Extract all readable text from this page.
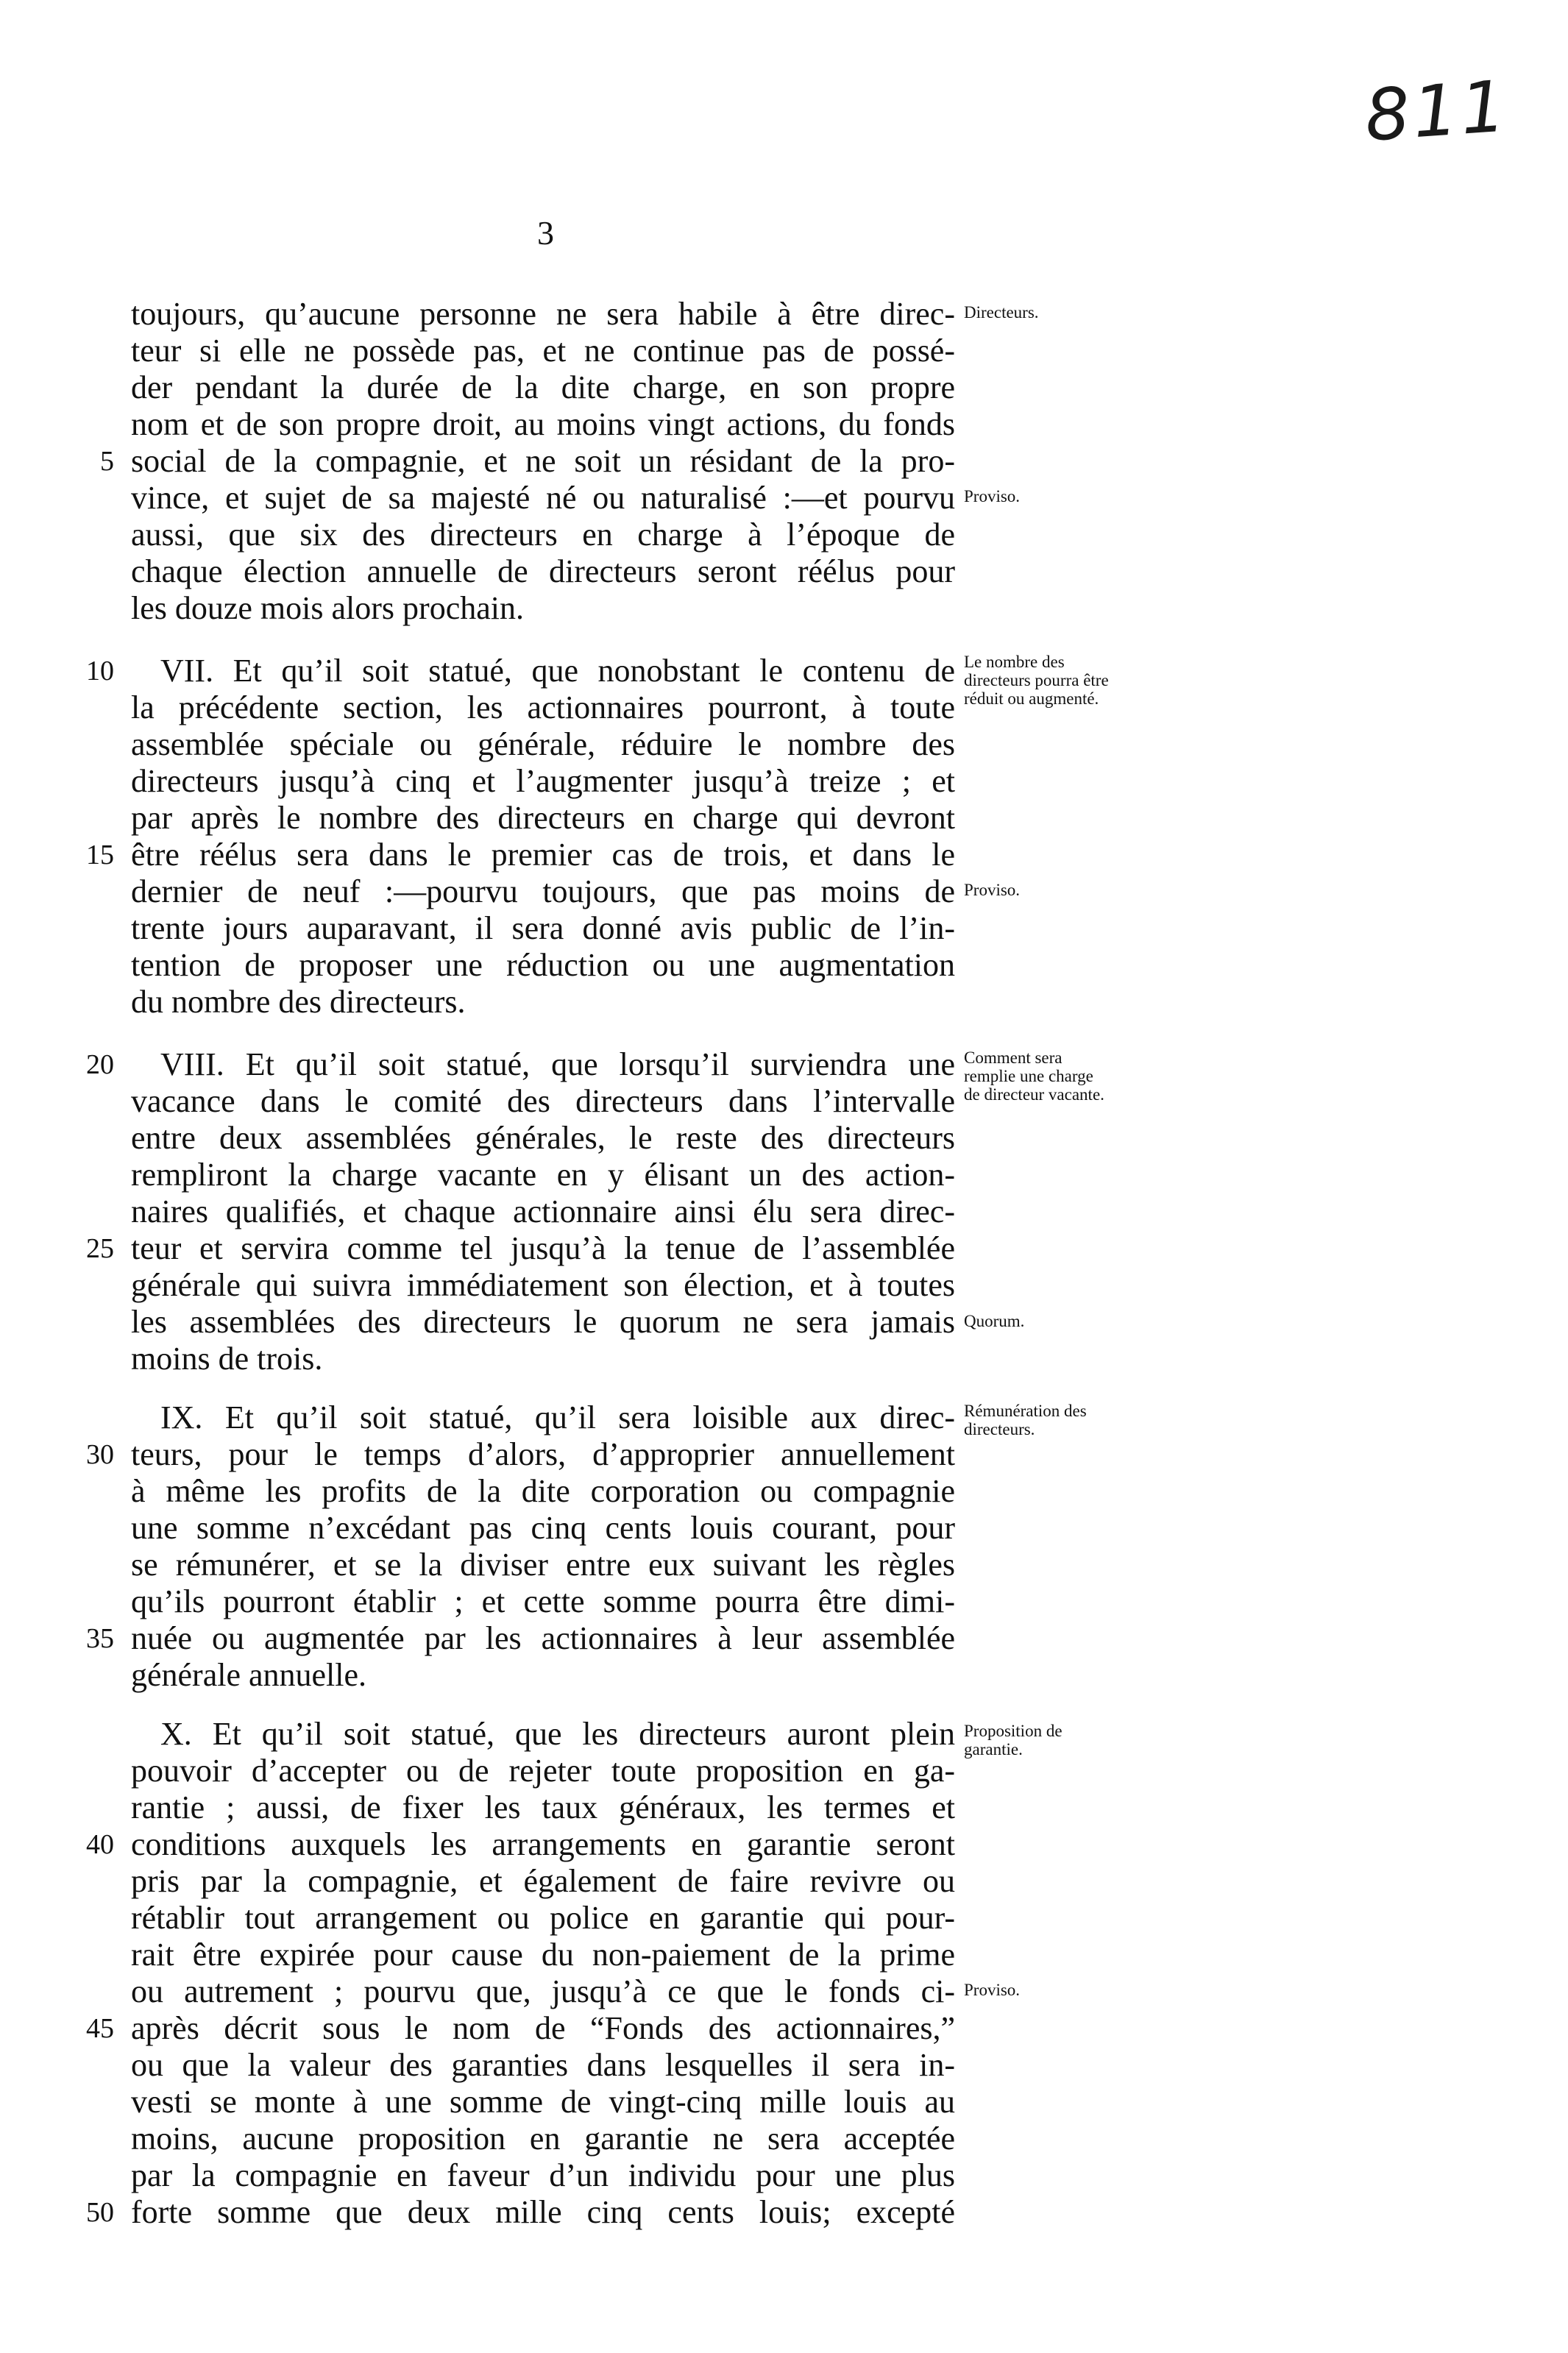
811
3
toujours, qu’aucune personne ne sera habile à être direc-
teur si elle ne possède pas, et ne continue pas de possé-
der pendant la durée de la dite charge, en son propre
nom et de son propre droit, au moins vingt actions, du fonds
social de la compagnie, et ne soit un résidant de la pro-
vince, et sujet de sa majesté né ou naturalisé :—et pourvu
aussi, que six des directeurs en charge à l’époque de
chaque élection annuelle de directeurs seront réélus pour
les douze mois alors prochain.
VII. Et qu’il soit statué, que nonobstant le contenu de
la précédente section, les actionnaires pourront, à toute
assemblée spéciale ou générale, réduire le nombre des
directeurs jusqu’à cinq et l’augmenter jusqu’à treize ; et
par après le nombre des directeurs en charge qui devront
être réélus sera dans le premier cas de trois, et dans le
dernier de neuf :—pourvu toujours, que pas moins de
trente jours auparavant, il sera donné avis public de l’in-
tention de proposer une réduction ou une augmentation
du nombre des directeurs.
VIII. Et qu’il soit statué, que lorsqu’il surviendra une
vacance dans le comité des directeurs dans l’intervalle
entre deux assemblées générales, le reste des directeurs
rempliront la charge vacante en y élisant un des action-
naires qualifiés, et chaque actionnaire ainsi élu sera direc-
teur et servira comme tel jusqu’à la tenue de l’assemblée
générale qui suivra immédiatement son élection, et à toutes
les assemblées des directeurs le quorum ne sera jamais
moins de trois.
IX. Et qu’il soit statué, qu’il sera loisible aux direc-
teurs, pour le temps d’alors, d’approprier annuellement
à même les profits de la dite corporation ou compagnie
une somme n’excédant pas cinq cents louis courant, pour
se rémunérer, et se la diviser entre eux suivant les règles
qu’ils pourront établir ; et cette somme pourra être dimi-
nuée ou augmentée par les actionnaires à leur assemblée
générale annuelle.
X. Et qu’il soit statué, que les directeurs auront plein
pouvoir d’accepter ou de rejeter toute proposition en ga-
rantie ; aussi, de fixer les taux généraux, les termes et
conditions auxquels les arrangements en garantie seront
pris par la compagnie, et également de faire revivre ou
rétablir tout arrangement ou police en garantie qui pour-
rait être expirée pour cause du non-paiement de la prime
ou autrement ; pourvu que, jusqu’à ce que le fonds ci-
après décrit sous le nom de “Fonds des actionnaires,”
ou que la valeur des garanties dans lesquelles il sera in-
vesti se monte à une somme de vingt-cinq mille louis au
moins, aucune proposition en garantie ne sera acceptée
par la compagnie en faveur d’un individu pour une plus
forte somme que deux mille cinq cents louis; excepté
5
10
15
20
25
30
35
40
45
50
Directeurs.
Proviso.
Le nombre des directeurs pourra être réduit ou augmenté.
Proviso.
Comment sera remplie une charge de directeur vacante.
Quorum.
Rémunération des directeurs.
Proposition de garantie.
Proviso.
